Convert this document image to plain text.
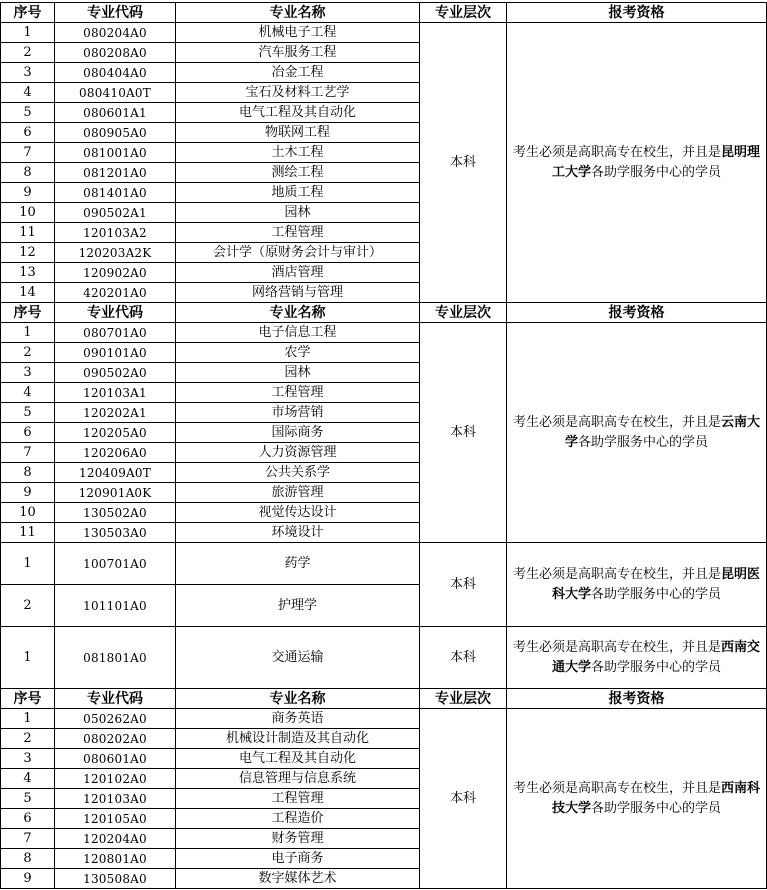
序号	专业代码	专业名称	专业层次	报考资格
1	080204A0	机械电子工程	本科	考生必须是高职高专在校生，并且是昆明理工大学各助学服务中心的学员
2	080208A0	汽车服务工程		
3	080404A0	冶金工程		
4	080410A0T	宝石及材料工艺学		
5	080601A1	电气工程及其自动化		
6	080905A0	物联网工程		
7	081001A0	土木工程		
8	081201A0	测绘工程		
9	081401A0	地质工程		
10	090502A1	园林		
11	120103A2	工程管理		
12	120203A2K	会计学（原财务会计与审计）		
13	120902A0	酒店管理		
14	420201A0	网络营销与管理		
序号	专业代码	专业名称	专业层次	报考资格
1	080701A0	电子信息工程	本科	考生必须是高职高专在校生，并且是云南大学各助学服务中心的学员
2	090101A0	农学		
3	090502A0	园林		
4	120103A1	工程管理		
5	120202A1	市场营销		
6	120205A0	国际商务		
7	120206A0	人力资源管理		
8	120409A0T	公共关系学		
9	120901A0K	旅游管理		
10	130502A0	视觉传达设计		
11	130503A0	环境设计		
1	100701A0	药学	本科	考生必须是高职高专在校生，并且是昆明医科大学各助学服务中心的学员
2	101101A0	护理学		
1	081801A0	交通运输	本科	考生必须是高职高专在校生，并且是西南交通大学各助学服务中心的学员
序号	专业代码	专业名称	专业层次	报考资格
1	050262A0	商务英语	本科	考生必须是高职高专在校生，并且是西南科技大学各助学服务中心的学员
2	080202A0	机械设计制造及其自动化		
3	080601A0	电气工程及其自动化		
4	120102A0	信息管理与信息系统		
5	120103A0	工程管理		
6	120105A0	工程造价		
7	120204A0	财务管理		
8	120801A0	电子商务		
9	130508A0	数字媒体艺术		
